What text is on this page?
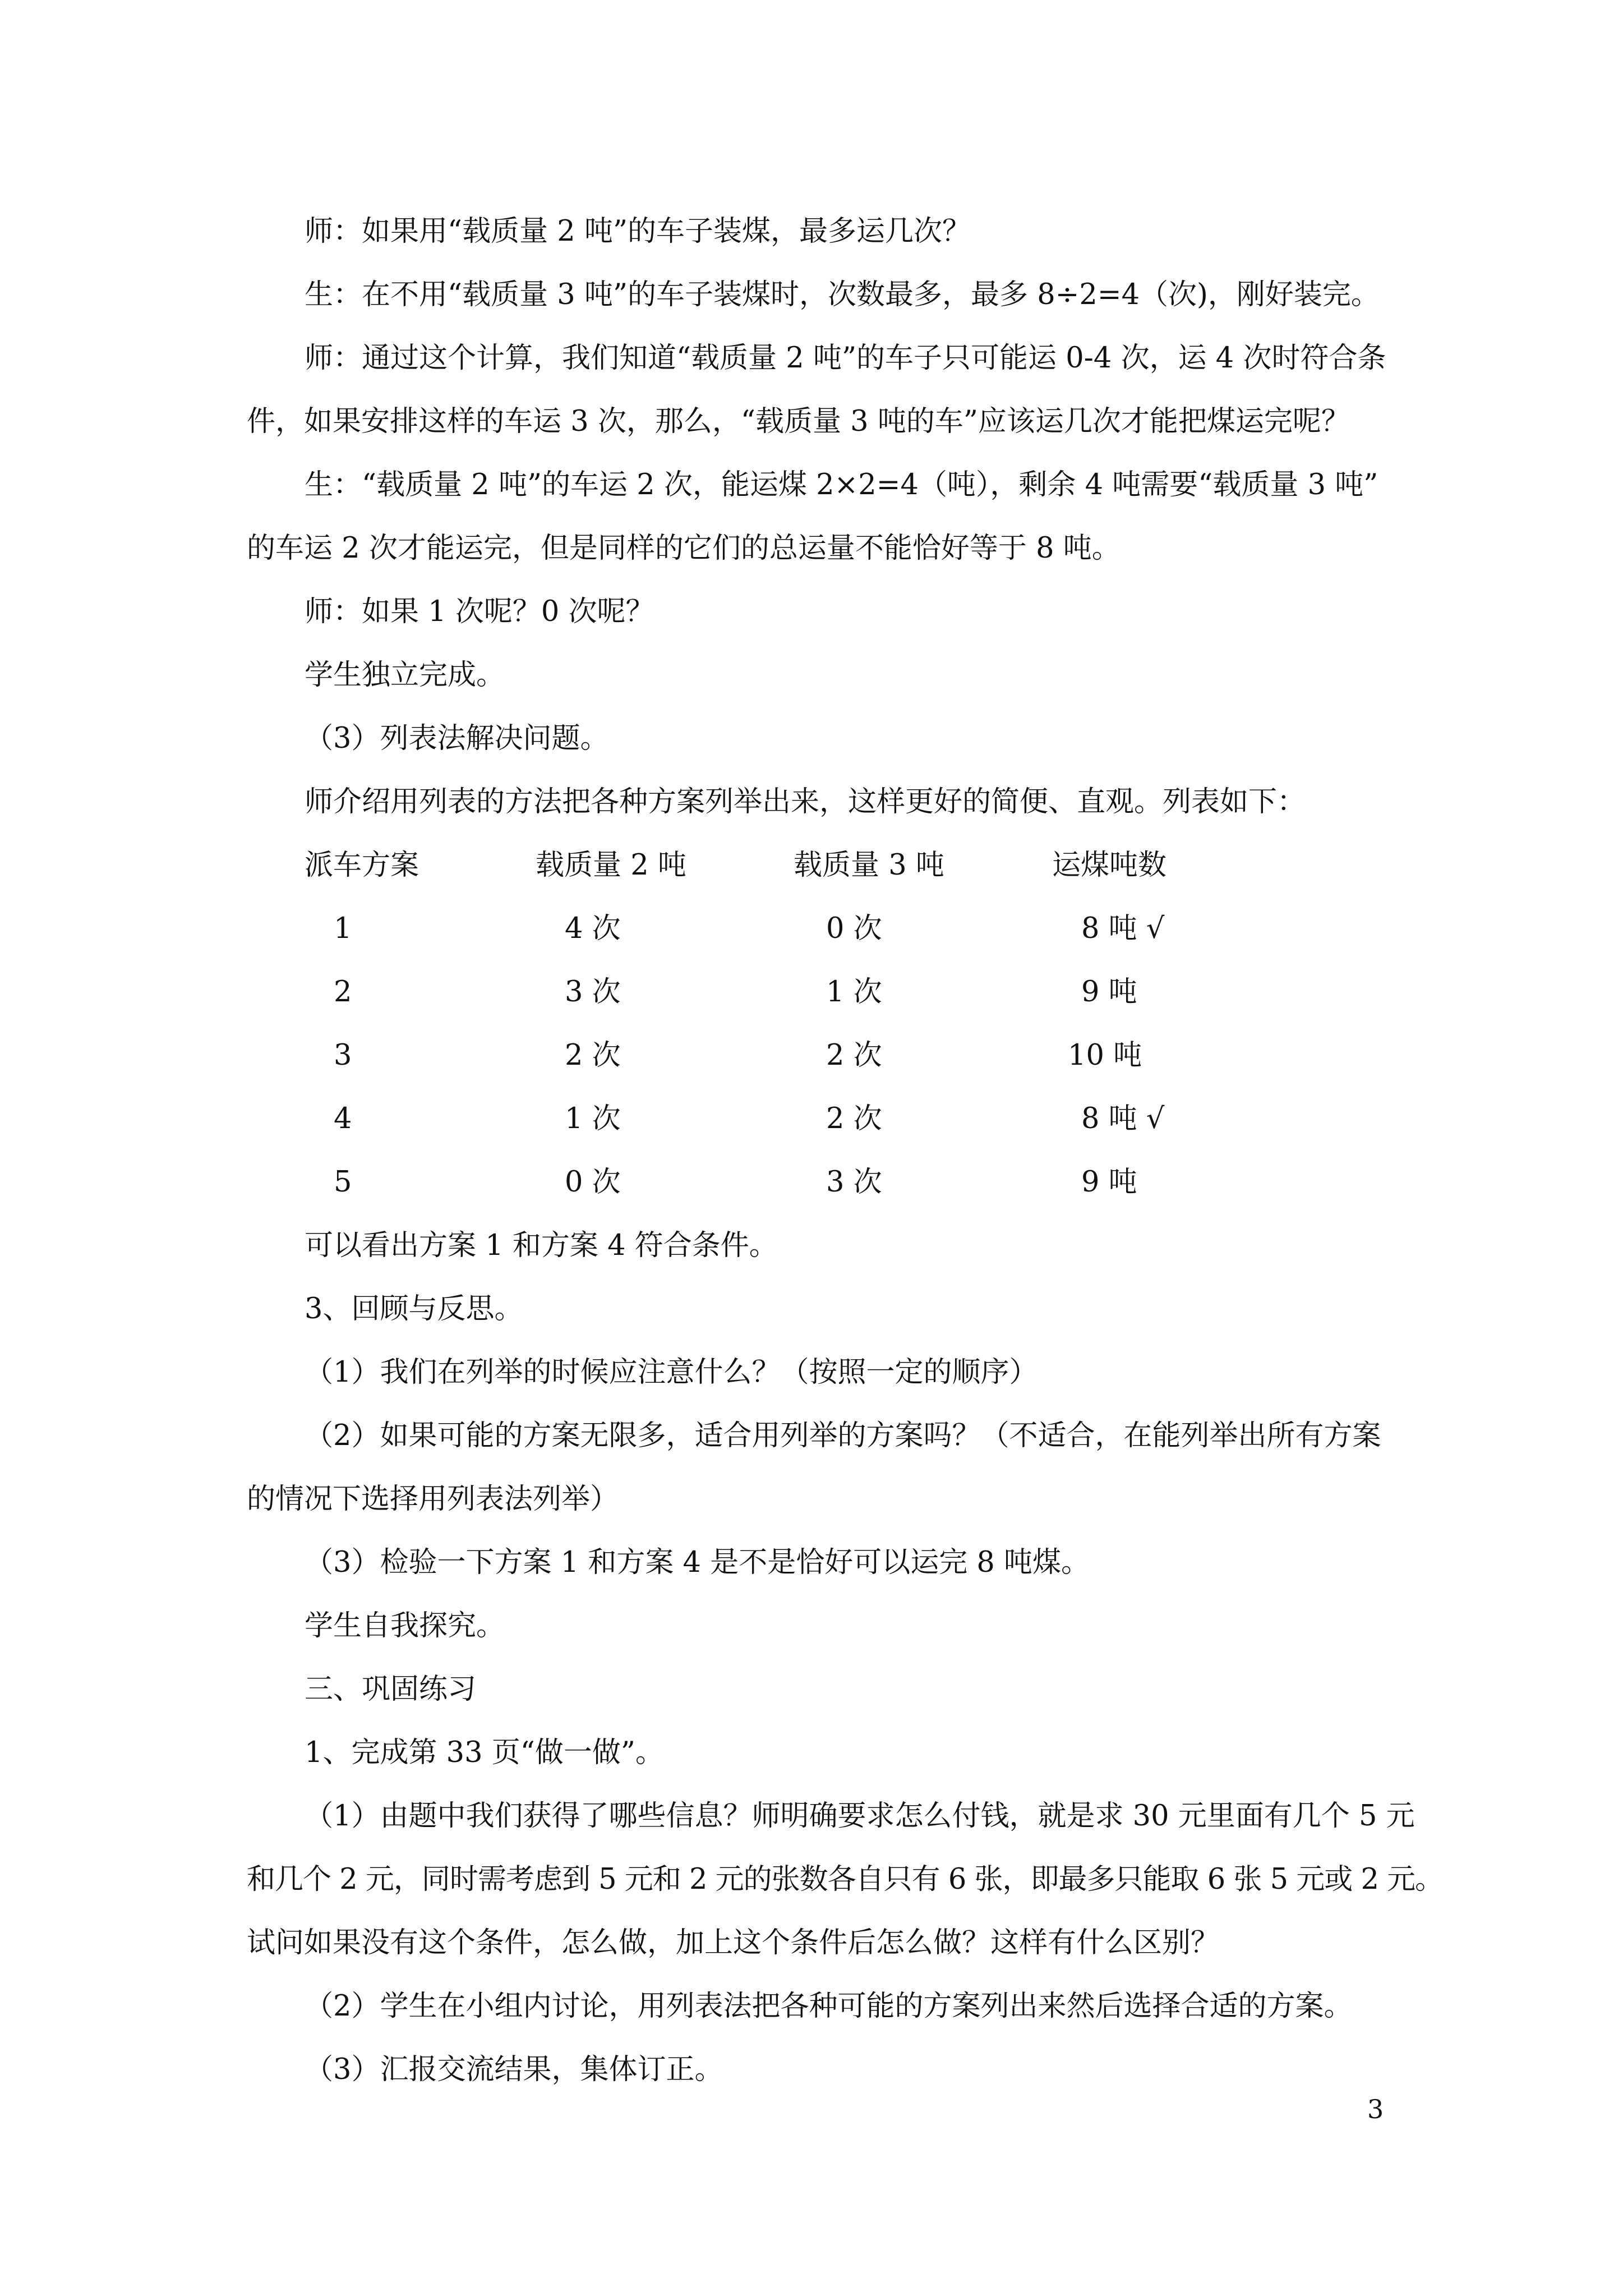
师：如果用“载质量 2 吨”的车子装煤，最多运几次？
生：在不用“载质量 3 吨”的车子装煤时，次数最多，最多 8÷2=4（次)，刚好装完。
师：通过这个计算，我们知道“载质量 2 吨”的车子只可能运 0-4 次，运 4 次时符合条
件，如果安排这样的车运 3 次，那么，“载质量 3 吨的车”应该运几次才能把煤运完呢？
生：“载质量 2 吨”的车运 2 次，能运煤 2×2=4（吨），剩余 4 吨需要“载质量 3 吨”
的车运 2 次才能运完，但是同样的它们的总运量不能恰好等于 8 吨。
师：如果 1 次呢？0 次呢？
学生独立完成。
（3）列表法解决问题。
师介绍用列表的方法把各种方案列举出来，这样更好的简便、直观。列表如下：
派车方案	载质量 2 吨	载质量 3 吨	运煤吨数
1	4 次	0 次	8 吨 √
2	3 次	1 次	9 吨
3	2 次	2 次	10 吨
4	1 次	2 次	8 吨 √
5	0 次	3 次	9 吨
可以看出方案 1 和方案 4 符合条件。
3、回顾与反思。
（1）我们在列举的时候应注意什么？（按照一定的顺序）
（2）如果可能的方案无限多，适合用列举的方案吗？（不适合，在能列举出所有方案
的情况下选择用列表法列举）
（3）检验一下方案 1 和方案 4 是不是恰好可以运完 8 吨煤。
学生自我探究。
三、巩固练习
1、完成第 33 页“做一做”。
（1）由题中我们获得了哪些信息？师明确要求怎么付钱，就是求 30 元里面有几个 5 元
和几个 2 元，同时需考虑到 5 元和 2 元的张数各自只有 6 张，即最多只能取 6 张 5 元或 2 元。
试问如果没有这个条件，怎么做，加上这个条件后怎么做？这样有什么区别？
（2）学生在小组内讨论，用列表法把各种可能的方案列出来然后选择合适的方案。
（3）汇报交流结果，集体订正。
3
